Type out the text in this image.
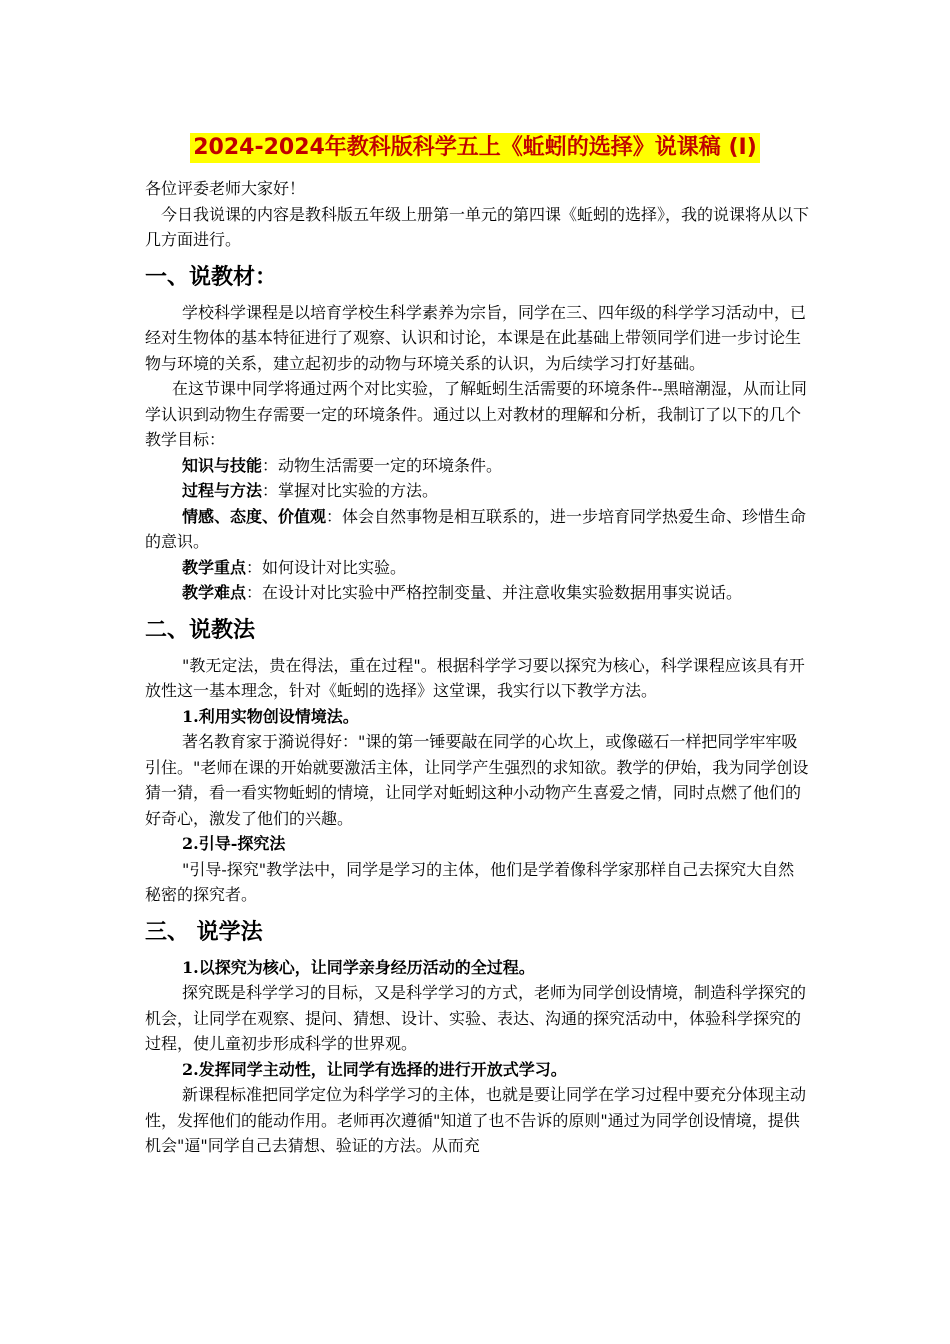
2024-2024年教科版科学五上《蚯蚓的选择》说课稿 (I)

各位评委老师大家好！

今日我说课的内容是教科版五年级上册第一单元的第四课《蚯蚓的选择》，我的说课将从以下几方面进行。

一、说教材：

学校科学课程是以培育学校生科学素养为宗旨，同学在三、四年级的科学学习活动中，已经对生物体的基本特征进行了观察、认识和讨论，本课是在此基础上带领同学们进一步讨论生物与环境的关系，建立起初步的动物与环境关系的认识，为后续学习打好基础。

在这节课中同学将通过两个对比实验，了解蚯蚓生活需要的环境条件--黑暗潮湿，从而让同学认识到动物生存需要一定的环境条件。通过以上对教材的理解和分析，我制订了以下的几个教学目标：

知识与技能：动物生活需要一定的环境条件。

过程与方法：掌握对比实验的方法。

情感、态度、价值观：体会自然事物是相互联系的，进一步培育同学热爱生命、珍惜生命的意识。

教学重点：如何设计对比实验。

教学难点：在设计对比实验中严格控制变量、并注意收集实验数据用事实说话。

二、说教法

"教无定法，贵在得法，重在过程"。根据科学学习要以探究为核心，科学课程应该具有开放性这一基本理念，针对《蚯蚓的选择》这堂课，我实行以下教学方法。

1.利用实物创设情境法。

著名教育家于漪说得好："课的第一锤要敲在同学的心坎上，或像磁石一样把同学牢牢吸引住。"老师在课的开始就要激活主体，让同学产生强烈的求知欲。教学的伊始，我为同学创设猜一猜，看一看实物蚯蚓的情境，让同学对蚯蚓这种小动物产生喜爱之情，同时点燃了他们的好奇心，激发了他们的兴趣。

2.引导-探究法

"引导-探究"教学法中，同学是学习的主体，他们是学着像科学家那样自己去探究大自然秘密的探究者。

三、 说学法

1.以探究为核心，让同学亲身经历活动的全过程。

探究既是科学学习的目标，又是科学学习的方式，老师为同学创设情境，制造科学探究的机会，让同学在观察、提问、猜想、设计、实验、表达、沟通的探究活动中，体验科学探究的过程，使儿童初步形成科学的世界观。

2.发挥同学主动性，让同学有选择的进行开放式学习。

新课程标准把同学定位为科学学习的主体，也就是要让同学在学习过程中要充分体现主动性，发挥他们的能动作用。老师再次遵循"知道了也不告诉的原则"通过为同学创设情境，提供机会"逼"同学自己去猜想、验证的方法。从而充
